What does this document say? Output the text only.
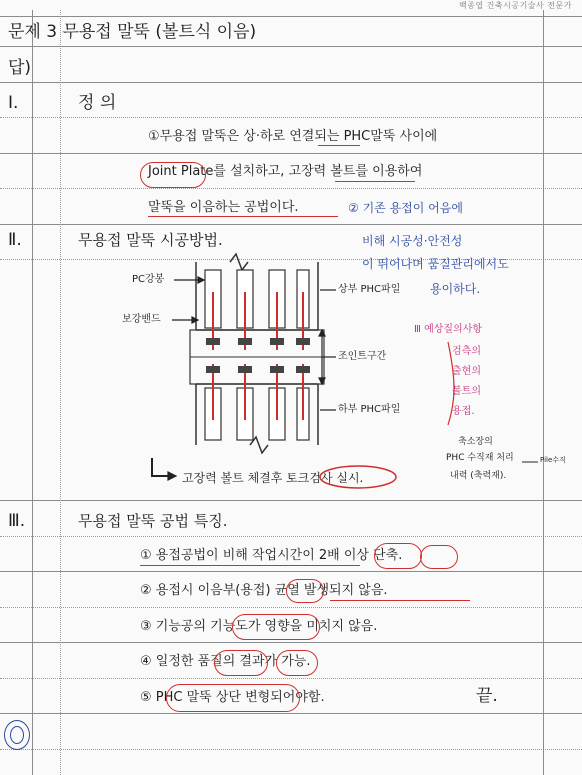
백종엽 건축시공기술사 전문가
문제 3 무용접 말뚝 (볼트식 이음)
답)
Ⅰ.	정 의
①무용접 말뚝은 상·하로 연결되는 PHC말뚝 사이에
Joint Plate를 설치하고, 고장력 볼트를 이용하여
말뚝을 이음하는 공법이다.	② 기존 용접이 어음에
비해 시공성·안전성
이 뛰어나며 품질관리에서도
용이하다.
Ⅱ.	무용접 말뚝 시공방법.
PC강봉
보강밴드
상부 PHC파일
조인트구간
하부 PHC파일
고장력 볼트 체결후 토크검사 실시.
Ⅲ 예상질의사항
검측의
출현의
볼트의
용접.
축소장의
PHC 수직재 처리
내력 (축력재).
Pile수직
Ⅲ.	무용접 말뚝 공법 특징.
① 용접공법이 비해 작업시간이 2배 이상 단축.
② 용접시 이음부(용접) 균열 발생되지 않음.
③ 기능공의 기능도가 영향을 미치지 않음.
④ 일정한 품질의 결과가 가능.
⑤ PHC 말뚝 상단 변형되어야함.	끝.
